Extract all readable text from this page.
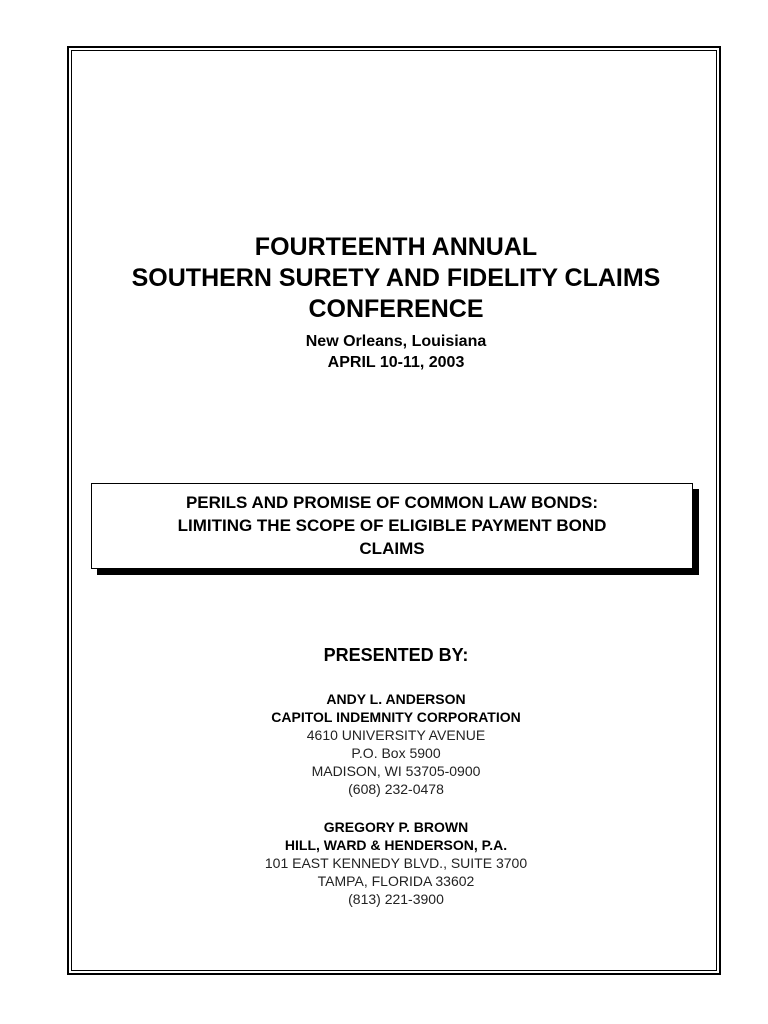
FOURTEENTH ANNUAL
SOUTHERN SURETY AND FIDELITY CLAIMS
CONFERENCE
New Orleans, Louisiana
APRIL 10-11, 2003
PERILS AND PROMISE OF COMMON LAW BONDS:
LIMITING THE SCOPE OF ELIGIBLE PAYMENT BOND
CLAIMS
PRESENTED BY:
ANDY L. ANDERSON
CAPITOL INDEMNITY CORPORATION
4610 UNIVERSITY AVENUE
P.O. Box 5900
MADISON, WI 53705-0900
(608) 232-0478
GREGORY P. BROWN
HILL, WARD & HENDERSON, P.A.
101 EAST KENNEDY BLVD., SUITE 3700
TAMPA, FLORIDA 33602
(813) 221-3900
